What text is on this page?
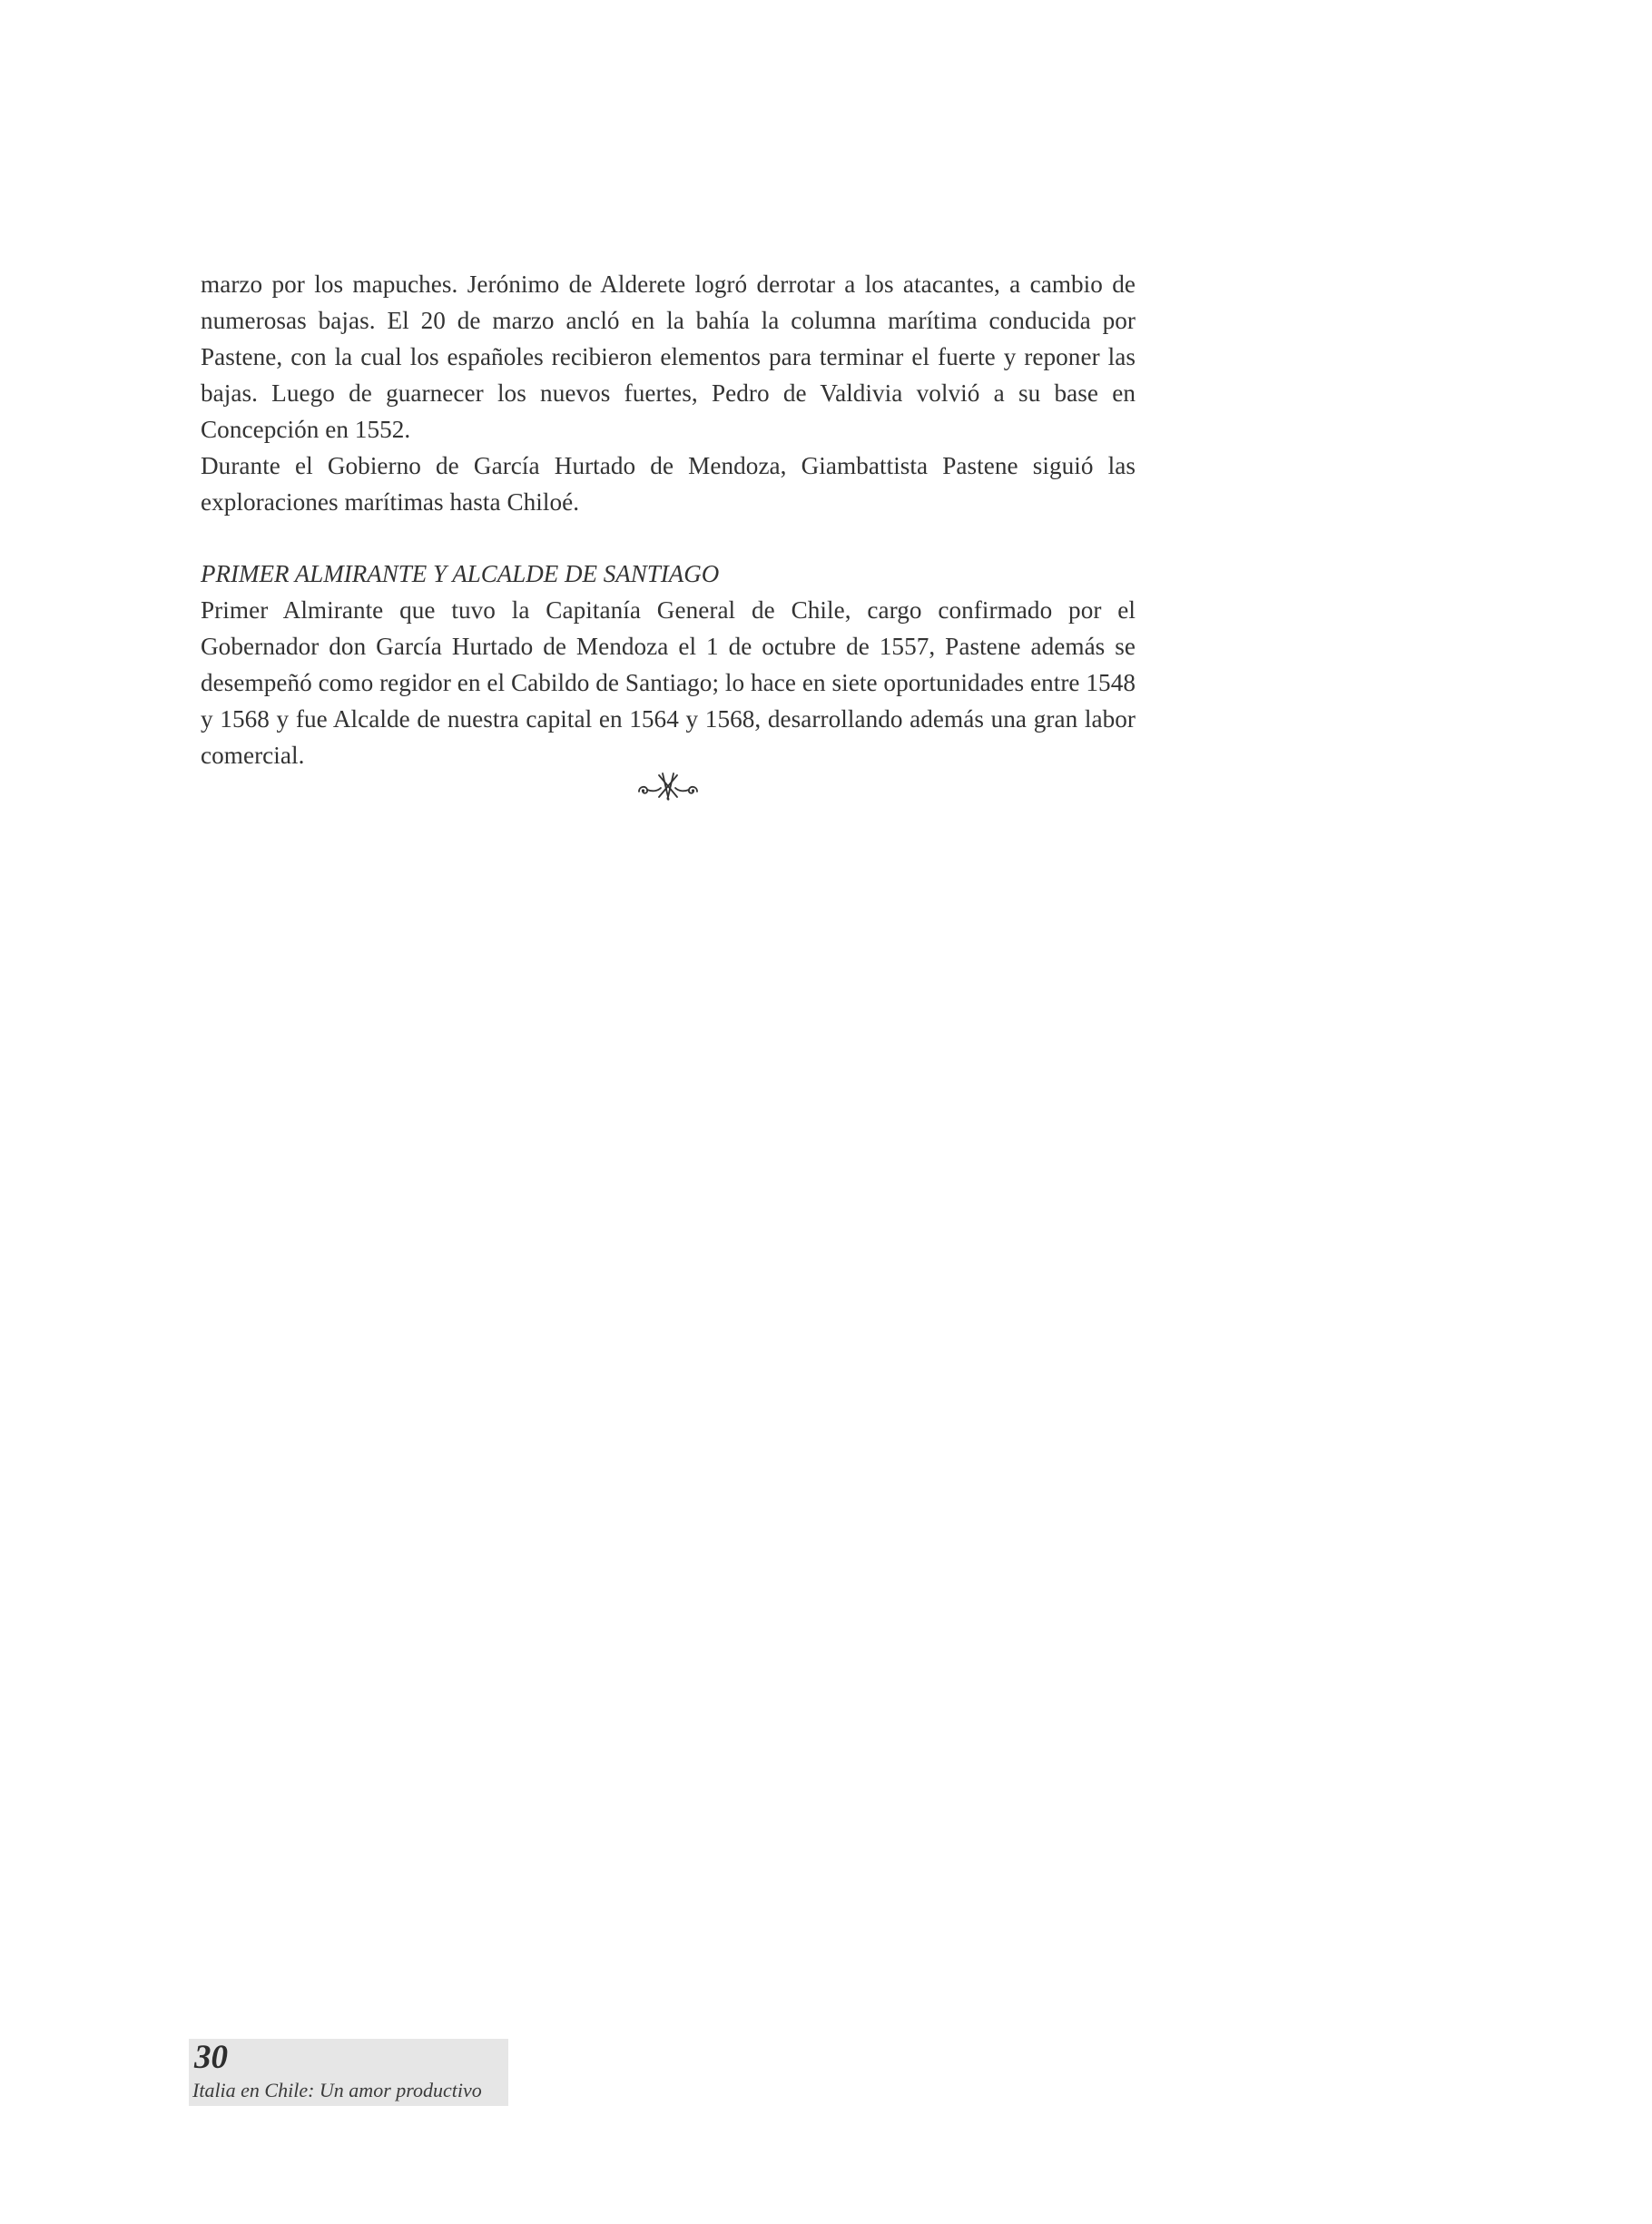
marzo por los mapuches. Jerónimo de Alderete logró derrotar a los atacantes, a cambio de numerosas bajas. El 20 de marzo ancló en la bahía la columna marítima conducida por Pastene, con la cual los españoles recibieron elementos para terminar el fuerte y reponer las bajas. Luego de guarnecer los nuevos fuertes, Pedro de Valdivia volvió a su base en Concepción en 1552.

Durante el Gobierno de García Hurtado de Mendoza, Giambattista Pastene siguió las exploraciones marítimas hasta Chiloé.

PRIMER ALMIRANTE Y ALCALDE DE SANTIAGO

Primer Almirante que tuvo la Capitanía General de Chile, cargo confirmado por el Gobernador don García Hurtado de Mendoza el 1 de octubre de 1557, Pastene además se desempeñó como regidor en el Cabildo de Santiago; lo hace en siete oportunidades entre 1548 y 1568 y fue Alcalde de nuestra capital en 1564 y 1568, desarrollando además una gran labor comercial.

30
Italia en Chile: Un amor productivo
